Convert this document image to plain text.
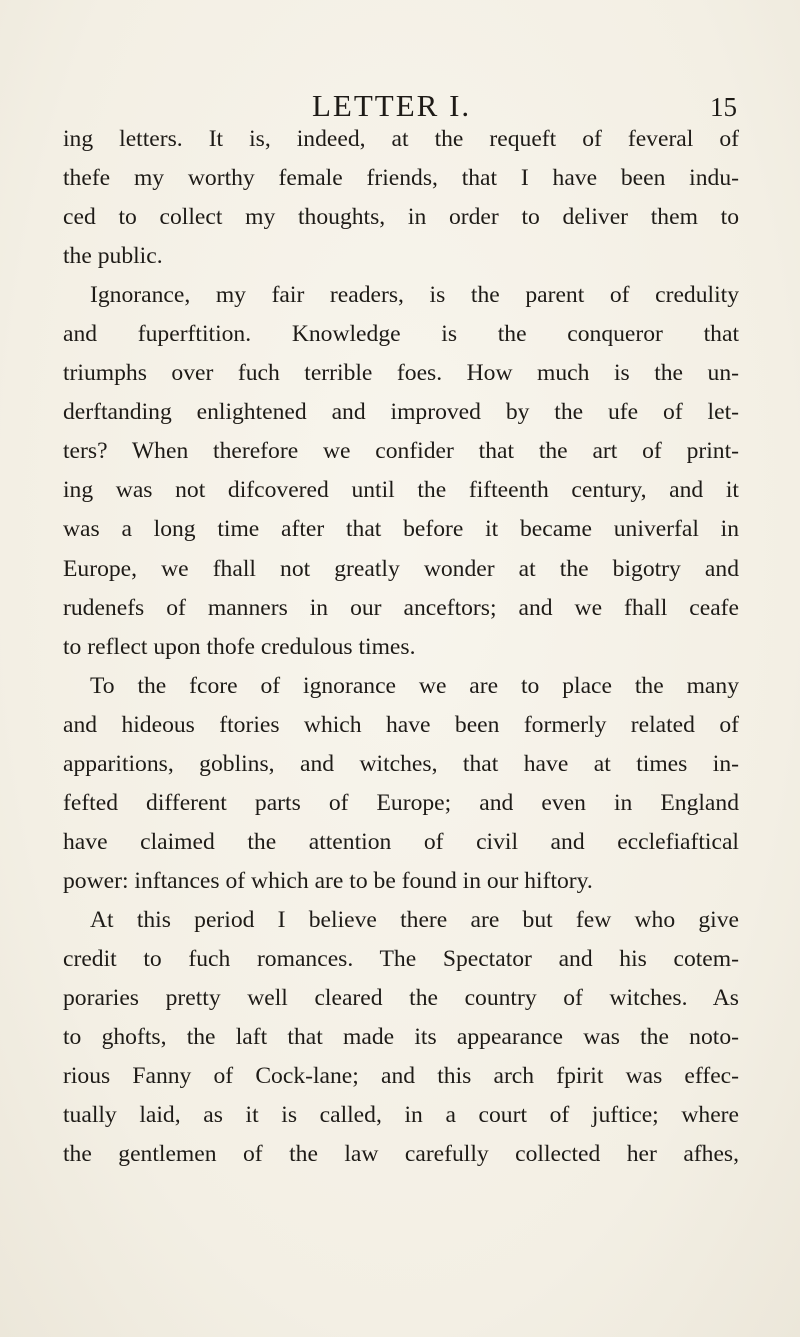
LETTER I.	15
ing letters. It is, indeed, at the requeft of feveral of
thefe my worthy female friends, that I have been indu-
ced to collect my thoughts, in order to deliver them to
the public.
Ignorance, my fair readers, is the parent of credulity
and fuperftition. Knowledge is the conqueror that
triumphs over fuch terrible foes. How much is the un-
derftanding enlightened and improved by the ufe of let-
ters? When therefore we confider that the art of print-
ing was not difcovered until the fifteenth century, and it
was a long time after that before it became univerfal in
Europe, we fhall not greatly wonder at the bigotry and
rudenefs of manners in our anceftors; and we fhall ceafe
to reflect upon thofe credulous times.
To the fcore of ignorance we are to place the many
and hideous ftories which have been formerly related of
apparitions, goblins, and witches, that have at times in-
fefted different parts of Europe; and even in England
have claimed the attention of civil and ecclefiaftical
power: inftances of which are to be found in our hiftory.
At this period I believe there are but few who give
credit to fuch romances. The Spectator and his cotem-
poraries pretty well cleared the country of witches. As
to ghofts, the laft that made its appearance was the noto-
rious Fanny of Cock-lane; and this arch fpirit was effec-
tually laid, as it is called, in a court of juftice; where
the gentlemen of the law carefully collected her afhes,
